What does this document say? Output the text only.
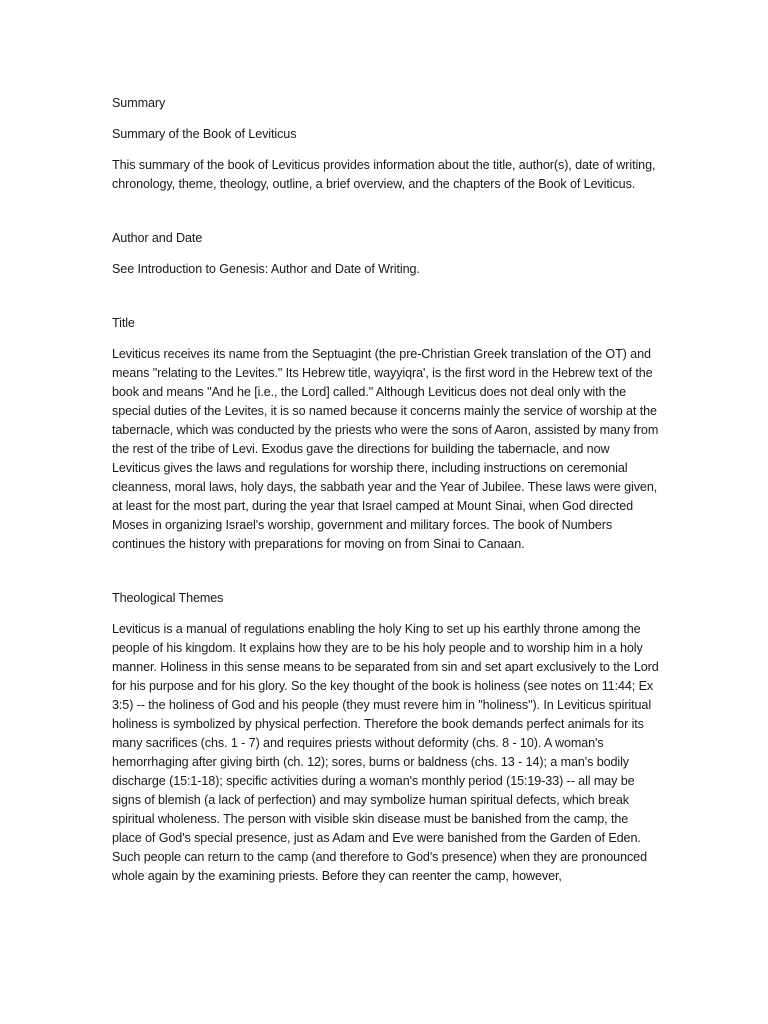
Summary

Summary of the Book of Leviticus

This summary of the book of Leviticus provides information about the title, author(s), date of writing, chronology, theme, theology, outline, a brief overview, and the chapters of the Book of Leviticus.

Author and Date

See Introduction to Genesis: Author and Date of Writing.

Title

Leviticus receives its name from the Septuagint (the pre-Christian Greek translation of the OT) and means "relating to the Levites." Its Hebrew title, wayyiqra', is the first word in the Hebrew text of the book and means "And he [i.e., the Lord] called." Although Leviticus does not deal only with the special duties of the Levites, it is so named because it concerns mainly the service of worship at the tabernacle, which was conducted by the priests who were the sons of Aaron, assisted by many from the rest of the tribe of Levi. Exodus gave the directions for building the tabernacle, and now Leviticus gives the laws and regulations for worship there, including instructions on ceremonial cleanness, moral laws, holy days, the sabbath year and the Year of Jubilee. These laws were given, at least for the most part, during the year that Israel camped at Mount Sinai, when God directed Moses in organizing Israel's worship, government and military forces. The book of Numbers continues the history with preparations for moving on from Sinai to Canaan.

Theological Themes

Leviticus is a manual of regulations enabling the holy King to set up his earthly throne among the people of his kingdom. It explains how they are to be his holy people and to worship him in a holy manner. Holiness in this sense means to be separated from sin and set apart exclusively to the Lord for his purpose and for his glory. So the key thought of the book is holiness (see notes on 11:44; Ex 3:5) -- the holiness of God and his people (they must revere him in "holiness"). In Leviticus spiritual holiness is symbolized by physical perfection. Therefore the book demands perfect animals for its many sacrifices (chs. 1 - 7) and requires priests without deformity (chs. 8 - 10). A woman's hemorrhaging after giving birth (ch. 12); sores, burns or baldness (chs. 13 - 14); a man's bodily discharge (15:1-18); specific activities during a woman's monthly period (15:19-33) -- all may be signs of blemish (a lack of perfection) and may symbolize human spiritual defects, which break spiritual wholeness. The person with visible skin disease must be banished from the camp, the place of God's special presence, just as Adam and Eve were banished from the Garden of Eden. Such people can return to the camp (and therefore to God's presence) when they are pronounced whole again by the examining priests. Before they can reenter the camp, however,
